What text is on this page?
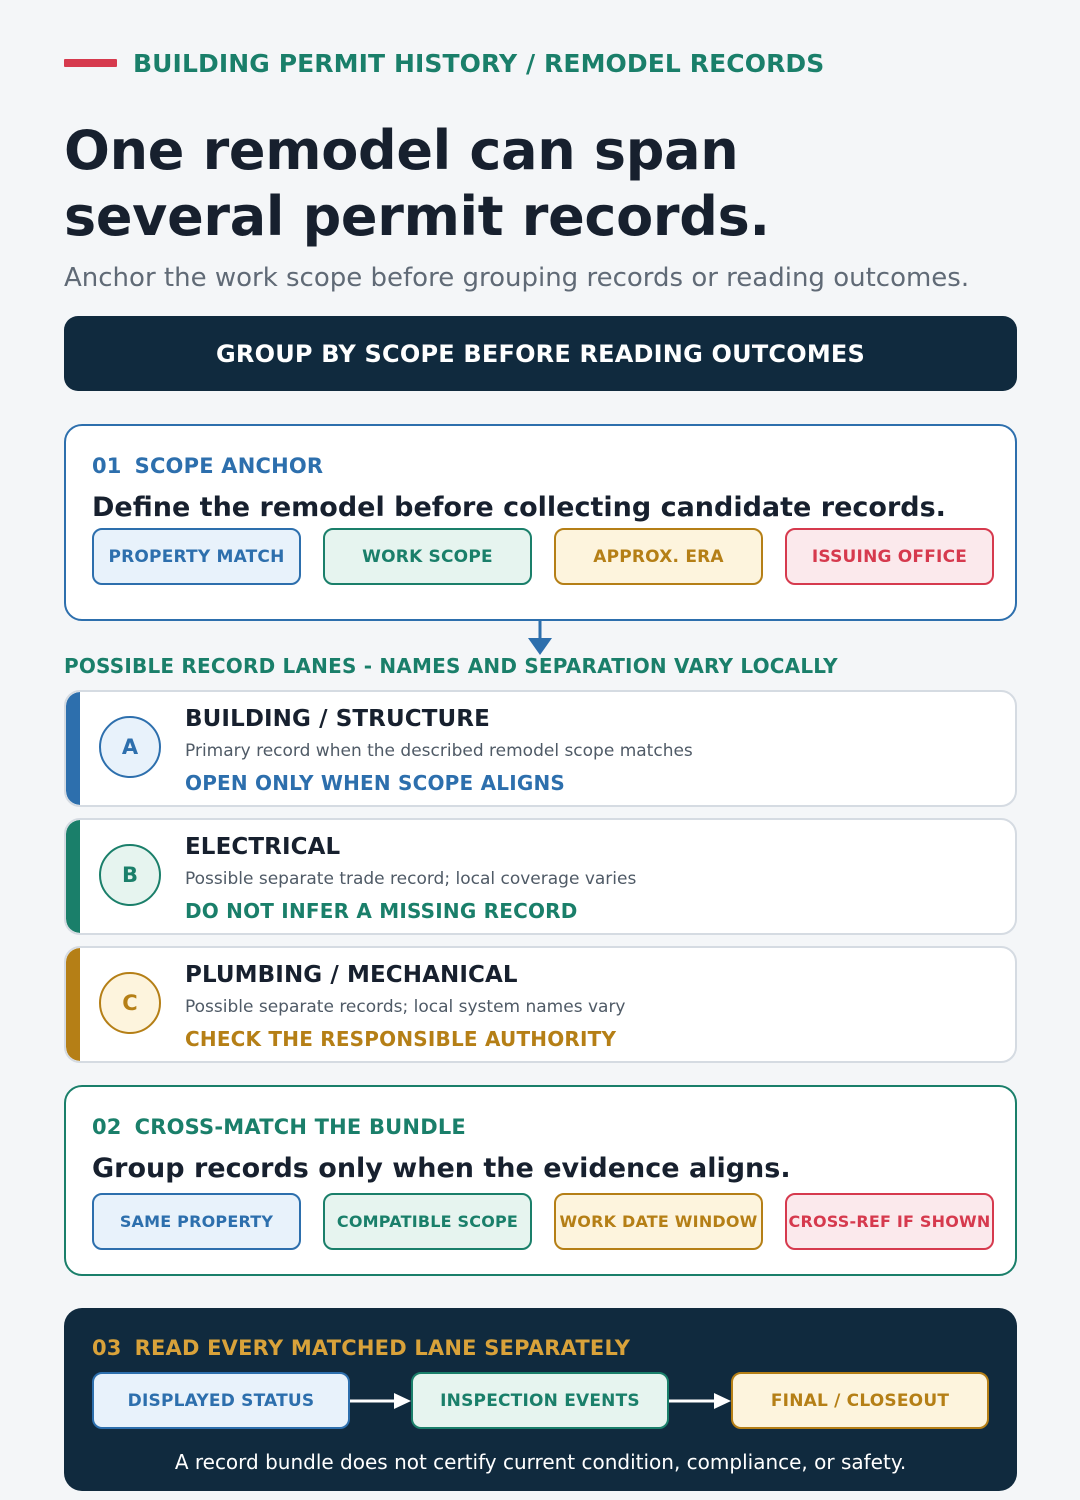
BUILDING PERMIT HISTORY / REMODEL RECORDS
One remodel can span
several permit records.
Anchor the work scope before grouping records or reading outcomes.
GROUP BY SCOPE BEFORE READING OUTCOMES
01 SCOPE ANCHOR
Define the remodel before collecting candidate records.
PROPERTY MATCH	WORK SCOPE	APPROX. ERA	ISSUING OFFICE
POSSIBLE RECORD LANES - NAMES AND SEPARATION VARY LOCALLY
A
BUILDING / STRUCTURE
Primary record when the described remodel scope matches
OPEN ONLY WHEN SCOPE ALIGNS
B
ELECTRICAL
Possible separate trade record; local coverage varies
DO NOT INFER A MISSING RECORD
C
PLUMBING / MECHANICAL
Possible separate records; local system names vary
CHECK THE RESPONSIBLE AUTHORITY
02 CROSS-MATCH THE BUNDLE
Group records only when the evidence aligns.
SAME PROPERTY	COMPATIBLE SCOPE	WORK DATE WINDOW	CROSS-REF IF SHOWN
03 READ EVERY MATCHED LANE SEPARATELY
DISPLAYED STATUS	INSPECTION EVENTS	FINAL / CLOSEOUT
A record bundle does not certify current condition, compliance, or safety.
